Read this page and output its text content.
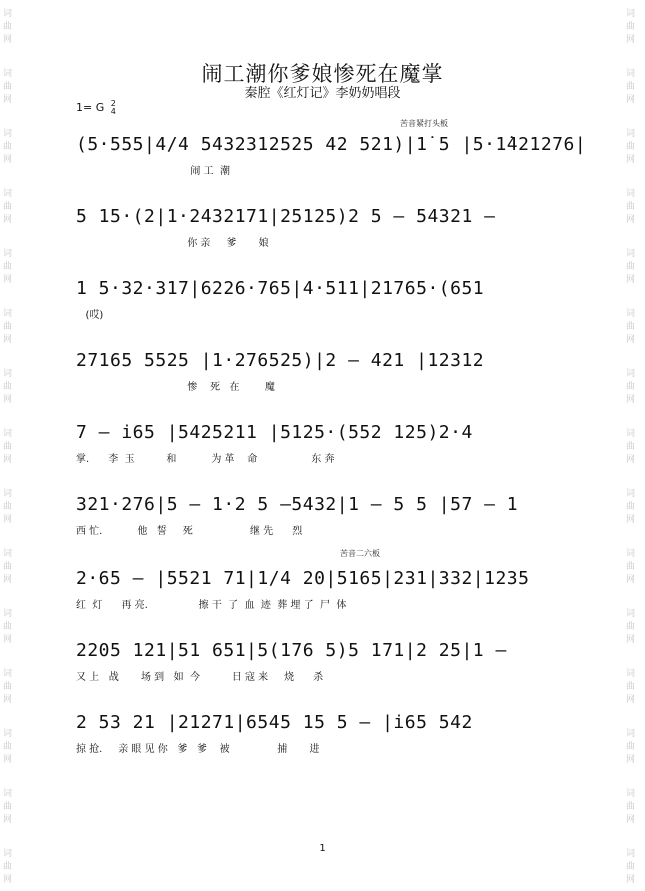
词
曲
网
词
曲
网
词
曲
网
词
曲
网
词
曲
网
词
曲
网
词
曲
网
词
曲
网
词
曲
网
词
曲
网
词
曲
网
词
曲
网
词
曲
网
词
曲
网
词
曲
网
词
曲
网
词
曲
网
词
曲
网
词
曲
网
词
曲
网
词
曲
网
词
曲
网
词
曲
网
词
曲
网
词
曲
网
词
曲
网
词
曲
网
词
曲
网
词
曲
网
词
曲
网
闹工潮你爹娘惨死在魔掌
秦腔《红灯记》李奶奶唱段
1= G 2
4
苦音紧打头板
苦音二六板
(5·555|4/4 5432312525 42 521)|1̇ 5 |5·1̇421276|
闹 工  潮
5 15·(2|1·2432171|25125)2 5 — 54321 —
你 亲     爹       娘
1 5·32·317|6226·765|4·511|21765·(651
(哎)
27165 5525 |1·276525)|2 — 421 |12312
惨    死   在        魔
7 — i65 |5425211 |5125·(552 125)2·4
掌.      李  玉          和           为 革    命                 东 奔
321·276|5 — 1·2 5 —5432|1 — 5 5 |57 — 1
西 忙.           他   誓     死                  继 先      烈
2·65 — |5521 71|1/4 20|5165|231|332|1235
红  灯      再 亮.                擦 干  了  血  迹  葬 埋 了  尸  体
2205 121|51 651|5(176 5)5 171|2 25|1 —
又 上   战       场 到   如  今          日 寇 来     烧      杀
2 53 21 |21271|6545 15 5 — |i65 542
掠 抢.     亲 眼 见 你   爹   爹    被               捕       进
1
